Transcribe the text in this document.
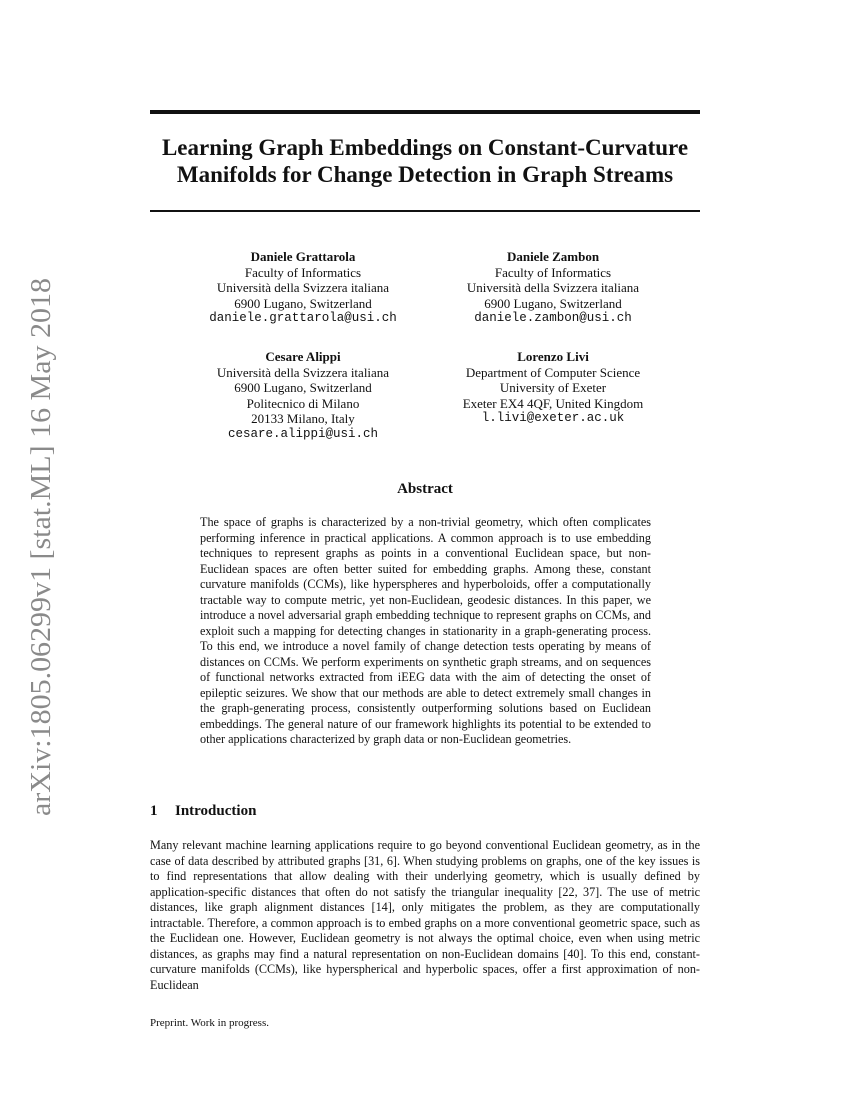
arXiv:1805.06299v1 [stat.ML] 16 May 2018
Learning Graph Embeddings on Constant-Curvature
Manifolds for Change Detection in Graph Streams
Daniele Grattarola
Faculty of Informatics
Università della Svizzera italiana
6900 Lugano, Switzerland
daniele.grattarola@usi.ch
Daniele Zambon
Faculty of Informatics
Università della Svizzera italiana
6900 Lugano, Switzerland
daniele.zambon@usi.ch
Cesare Alippi
Università della Svizzera italiana
6900 Lugano, Switzerland
Politecnico di Milano
20133 Milano, Italy
cesare.alippi@usi.ch
Lorenzo Livi
Department of Computer Science
University of Exeter
Exeter EX4 4QF, United Kingdom
l.livi@exeter.ac.uk
Abstract
The space of graphs is characterized by a non-trivial geometry, which often complicates performing inference in practical applications. A common approach is to use embedding techniques to represent graphs as points in a conventional Euclidean space, but non-Euclidean spaces are often better suited for embedding graphs. Among these, constant curvature manifolds (CCMs), like hyperspheres and hyperboloids, offer a computationally tractable way to compute metric, yet non-Euclidean, geodesic distances. In this paper, we introduce a novel adversarial graph embedding technique to represent graphs on CCMs, and exploit such a mapping for detecting changes in stationarity in a graph-generating process. To this end, we introduce a novel family of change detection tests operating by means of distances on CCMs. We perform experiments on synthetic graph streams, and on sequences of functional networks extracted from iEEG data with the aim of detecting the onset of epileptic seizures. We show that our methods are able to detect extremely small changes in the graph-generating process, consistently outperforming solutions based on Euclidean embeddings. The general nature of our framework highlights its potential to be extended to other applications characterized by graph data or non-Euclidean geometries.
1 Introduction
Many relevant machine learning applications require to go beyond conventional Euclidean geometry, as in the case of data described by attributed graphs [31, 6]. When studying problems on graphs, one of the key issues is to find representations that allow dealing with their underlying geometry, which is usually defined by application-specific distances that often do not satisfy the triangular inequality [22, 37]. The use of metric distances, like graph alignment distances [14], only mitigates the problem, as they are computationally intractable. Therefore, a common approach is to embed graphs on a more conventional geometric space, such as the Euclidean one. However, Euclidean geometry is not always the optimal choice, even when using metric distances, as graphs may find a natural representation on non-Euclidean domains [40]. To this end, constant-curvature manifolds (CCMs), like hyperspherical and hyperbolic spaces, offer a first approximation of non-Euclidean
Preprint. Work in progress.
